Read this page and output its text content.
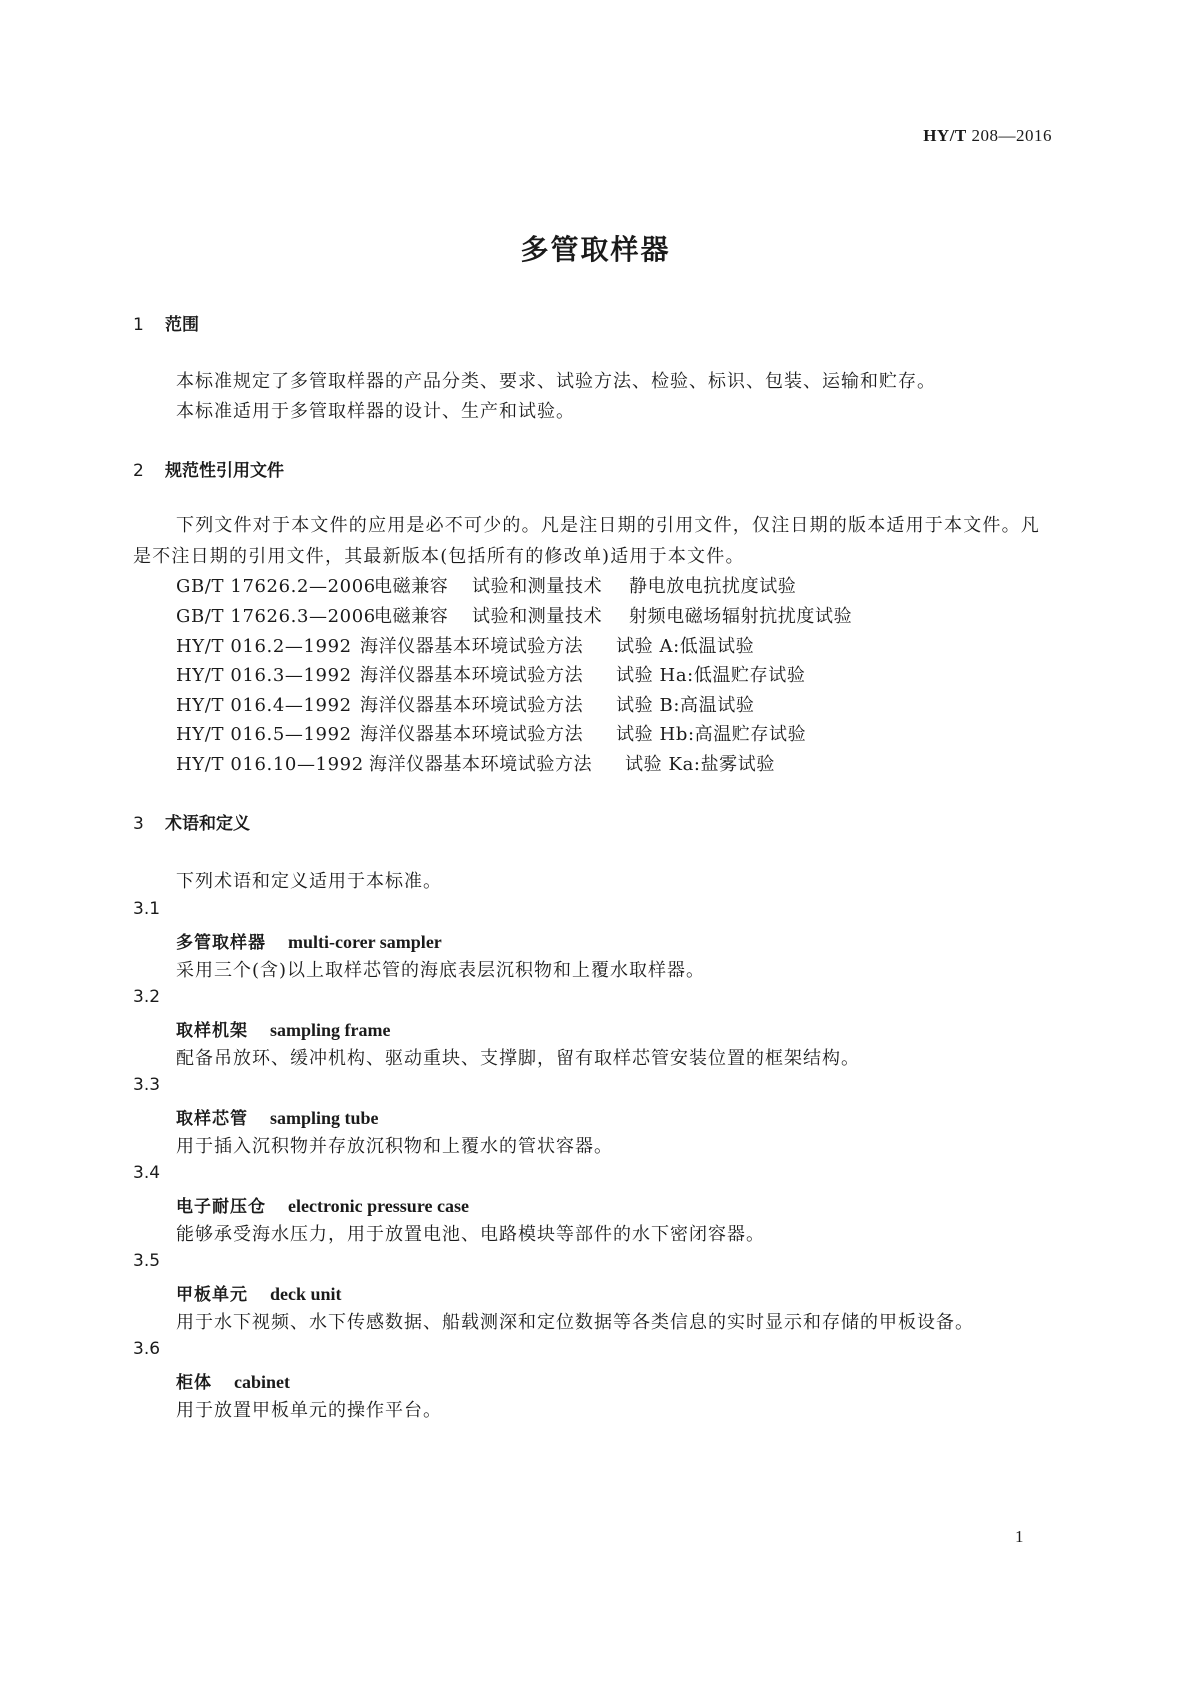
HY/T 208—2016
多管取样器
1 范围
本标准规定了多管取样器的产品分类、要求、试验方法、检验、标识、包装、运输和贮存。
本标准适用于多管取样器的设计、生产和试验。
2 规范性引用文件
下列文件对于本文件的应用是必不可少的。凡是注日期的引用文件，仅注日期的版本适用于本文件。凡是不注日期的引用文件，其最新版本(包括所有的修改单)适用于本文件。
GB/T 17626.2—2006电磁兼容 试验和测量技术 静电放电抗扰度试验
GB/T 17626.3—2006电磁兼容 试验和测量技术 射频电磁场辐射抗扰度试验
HY/T 016.2—1992 海洋仪器基本环境试验方法 试验 A:低温试验
HY/T 016.3—1992 海洋仪器基本环境试验方法 试验 Ha:低温贮存试验
HY/T 016.4—1992 海洋仪器基本环境试验方法 试验 B:高温试验
HY/T 016.5—1992 海洋仪器基本环境试验方法 试验 Hb:高温贮存试验
HY/T 016.10—1992 海洋仪器基本环境试验方法 试验 Ka:盐雾试验
3 术语和定义
下列术语和定义适用于本标准。
3.1
多管取样器 multi-corer sampler
采用三个(含)以上取样芯管的海底表层沉积物和上覆水取样器。
3.2
取样机架 sampling frame
配备吊放环、缓冲机构、驱动重块、支撑脚，留有取样芯管安装位置的框架结构。
3.3
取样芯管 sampling tube
用于插入沉积物并存放沉积物和上覆水的管状容器。
3.4
电子耐压仓 electronic pressure case
能够承受海水压力，用于放置电池、电路模块等部件的水下密闭容器。
3.5
甲板单元 deck unit
用于水下视频、水下传感数据、船载测深和定位数据等各类信息的实时显示和存储的甲板设备。
3.6
柜体 cabinet
用于放置甲板单元的操作平台。
1
